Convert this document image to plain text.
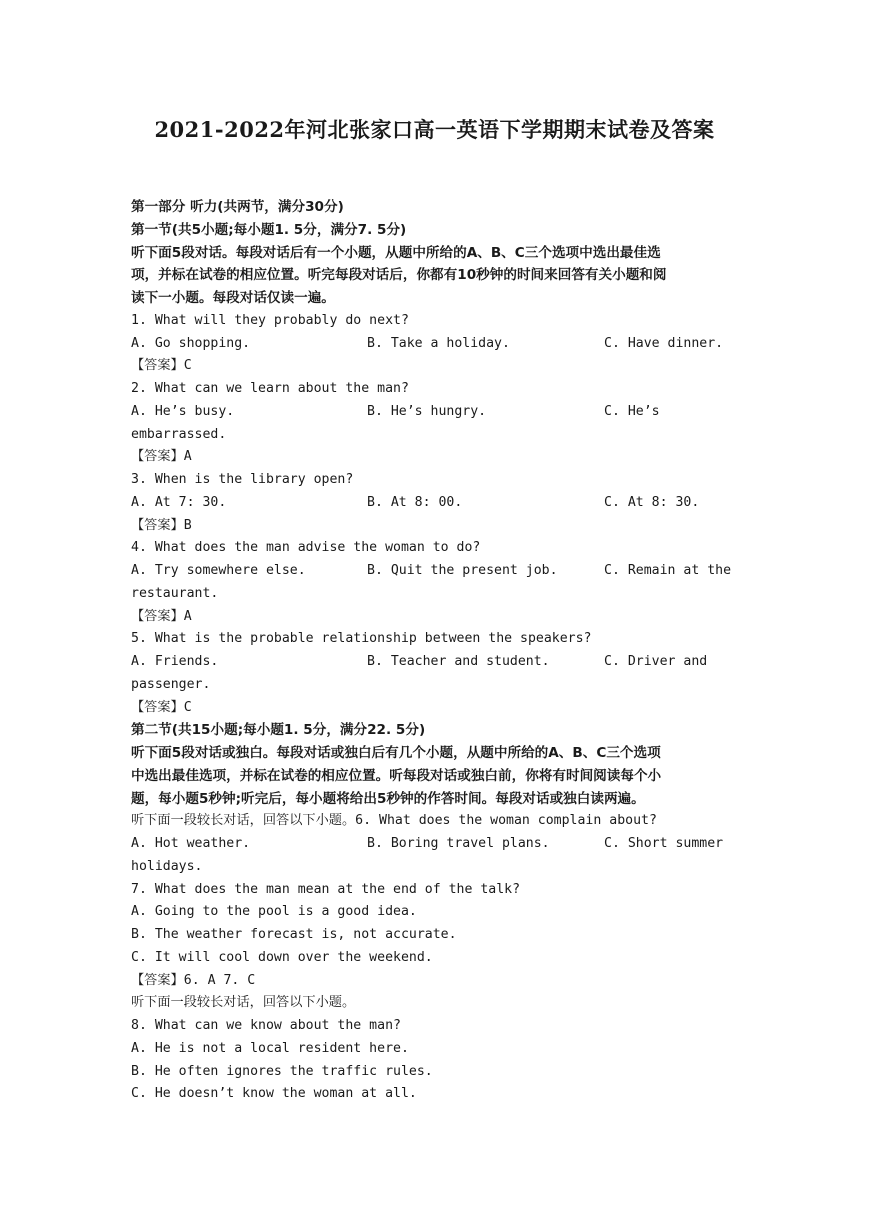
2021-2022年河北张家口高一英语下学期期末试卷及答案
第一部分 听力(共两节，满分30分)
第一节(共5小题;每小题1. 5分，满分7. 5分)
听下面5段对话。每段对话后有一个小题，从题中所给的A、B、C三个选项中选出最佳选
项，并标在试卷的相应位置。听完每段对话后，你都有10秒钟的时间来回答有关小题和阅
读下一小题。每段对话仅读一遍。
1. What will they probably do next?
A. Go shopping.	B. Take a holiday.	C. Have dinner.
【答案】C
2. What can we learn about the man?
A. He’s busy.	B. He’s hungry.	C. He’s
embarrassed.
【答案】A
3. When is the library open?
A. At 7: 30.	B. At 8: 00.	C. At 8: 30.
【答案】B
4. What does the man advise the woman to do?
A. Try somewhere else.	B. Quit the present job.	C. Remain at the
restaurant.
【答案】A
5. What is the probable relationship between the speakers?
A. Friends.	B. Teacher and student.	C. Driver and
passenger.
【答案】C
第二节(共15小题;每小题1. 5分，满分22. 5分)
听下面5段对话或独白。每段对话或独白后有几个小题，从题中所给的A、B、C三个选项
中选出最佳选项，并标在试卷的相应位置。听每段对话或独白前，你将有时间阅读每个小
题，每小题5秒钟;听完后，每小题将给出5秒钟的作答时间。每段对话或独白读两遍。
听下面一段较长对话，回答以下小题。6. What does the woman complain about?
A. Hot weather.	B. Boring travel plans.	C. Short summer
holidays.
7. What does the man mean at the end of the talk?
A. Going to the pool is a good idea.
B. The weather forecast is, not accurate.
C. It will cool down over the weekend.
【答案】6. A 7. C
听下面一段较长对话，回答以下小题。
8. What can we know about the man?
A. He is not a local resident here.
B. He often ignores the traffic rules.
C. He doesn’t know the woman at all.
